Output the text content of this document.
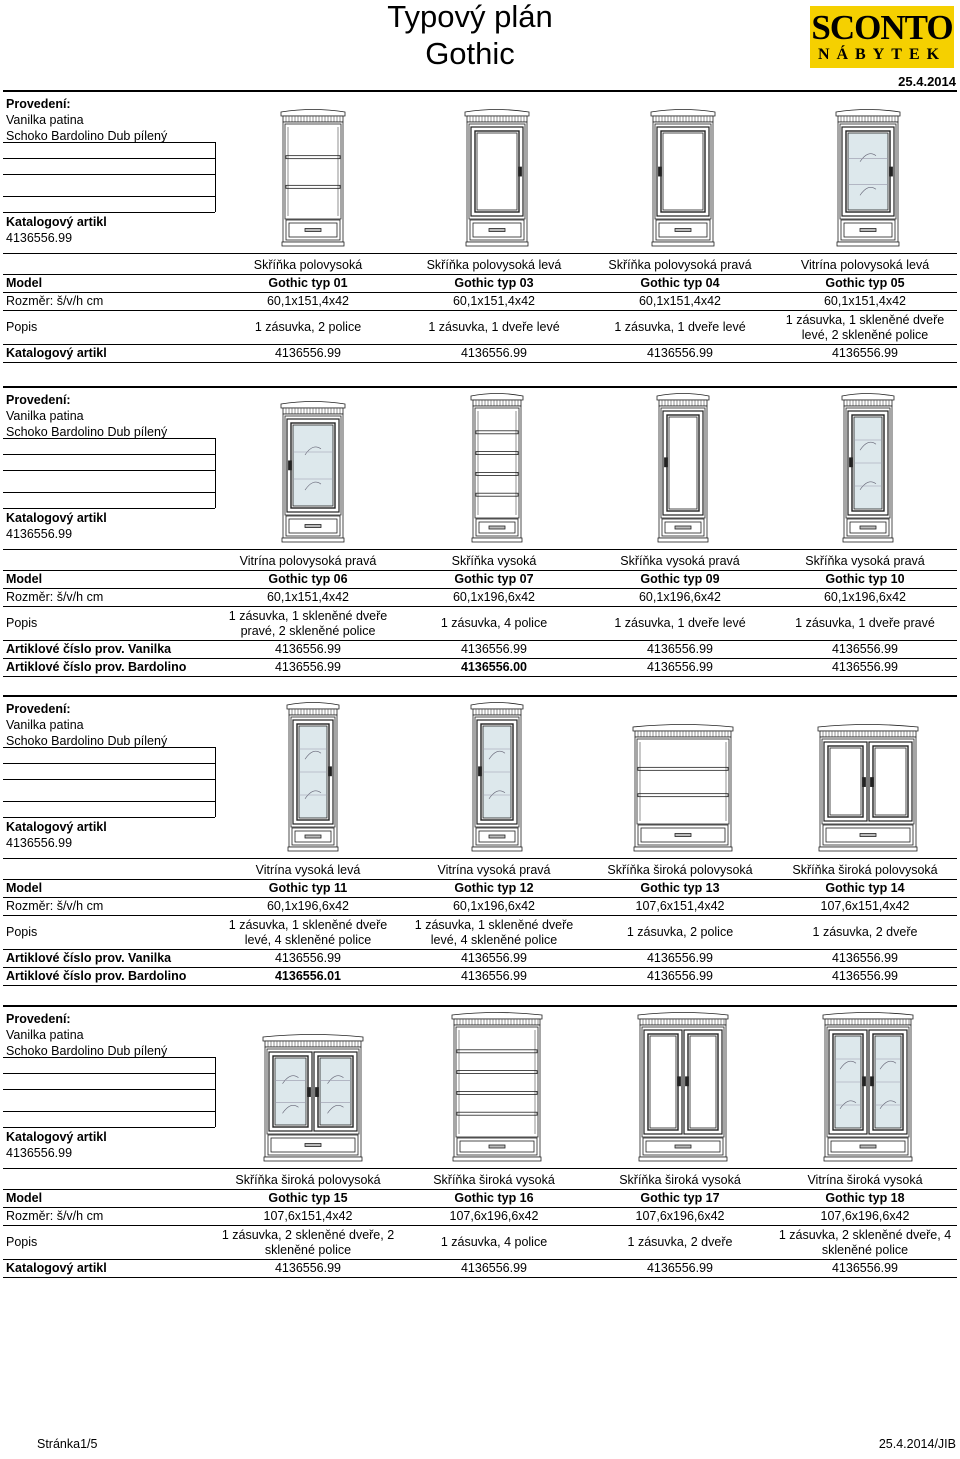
Typový plán
Gothic
SCONTO
NÁBYTEK
25.4.2014
Provedení:
Vanilka patina
Schoko Bardolino Dub pílený
Katalogový artikl
4136556.99
	Skříňka polovysoká	Skříňka polovysoká levá	Skříňka polovysoká pravá	Vitrína polovysoká levá
Model	Gothic typ 01	Gothic typ 03	Gothic typ 04	Gothic typ 05
Rozměr: š/v/h cm	60,1x151,4x42	60,1x151,4x42	60,1x151,4x42	60,1x151,4x42
Popis	1 zásuvka, 2 police	1 zásuvka, 1 dveře levé	1 zásuvka, 1 dveře levé	1 zásuvka, 1 skleněné dveře levé, 2 skleněné police
Katalogový artikl	4136556.99	4136556.99	4136556.99	4136556.99
Provedení:
Vanilka patina
Schoko Bardolino Dub pílený
Katalogový artikl
4136556.99
	Vitrína polovysoká pravá	Skříňka vysoká	Skříňka vysoká pravá	Skříňka vysoká pravá
Model	Gothic typ 06	Gothic typ 07	Gothic typ 09	Gothic typ 10
Rozměr: š/v/h cm	60,1x151,4x42	60,1x196,6x42	60,1x196,6x42	60,1x196,6x42
Popis	1 zásuvka, 1 skleněné dveře pravé, 2 skleněné police	1 zásuvka, 4 police	1 zásuvka, 1 dveře levé	1 zásuvka, 1 dveře pravé
Artiklové číslo prov. Vanilka	4136556.99	4136556.99	4136556.99	4136556.99
Artiklové číslo prov. Bardolino	4136556.99	4136556.00	4136556.99	4136556.99
Provedení:
Vanilka patina
Schoko Bardolino Dub pílený
Katalogový artikl
4136556.99
	Vitrína vysoká levá	Vitrína vysoká pravá	Skříňka široká polovysoká	Skříňka široká polovysoká
Model	Gothic typ 11	Gothic typ 12	Gothic typ 13	Gothic typ 14
Rozměr: š/v/h cm	60,1x196,6x42	60,1x196,6x42	107,6x151,4x42	107,6x151,4x42
Popis	1 zásuvka, 1 skleněné dveře levé, 4 skleněné police	1 zásuvka, 1 skleněné dveře levé, 4 skleněné police	1 zásuvka, 2 police	1 zásuvka, 2 dveře
Artiklové číslo prov. Vanilka	4136556.99	4136556.99	4136556.99	4136556.99
Artiklové číslo prov. Bardolino	4136556.01	4136556.99	4136556.99	4136556.99
Provedení:
Vanilka patina
Schoko Bardolino Dub pílený
Katalogový artikl
4136556.99
	Skříňka široká polovysoká	Skříňka široká vysoká	Skříňka široká vysoká	Vitrína široká vysoká
Model	Gothic typ 15	Gothic typ 16	Gothic typ 17	Gothic typ 18
Rozměr: š/v/h cm	107,6x151,4x42	107,6x196,6x42	107,6x196,6x42	107,6x196,6x42
Popis	1 zásuvka, 2 skleněné dveře, 2 skleněné police	1 zásuvka, 4 police	1 zásuvka, 2 dveře	1 zásuvka, 2 skleněné dveře, 4 skleněné police
Katalogový artikl	4136556.99	4136556.99	4136556.99	4136556.99
Stránka1/5	25.4.2014/JIB
